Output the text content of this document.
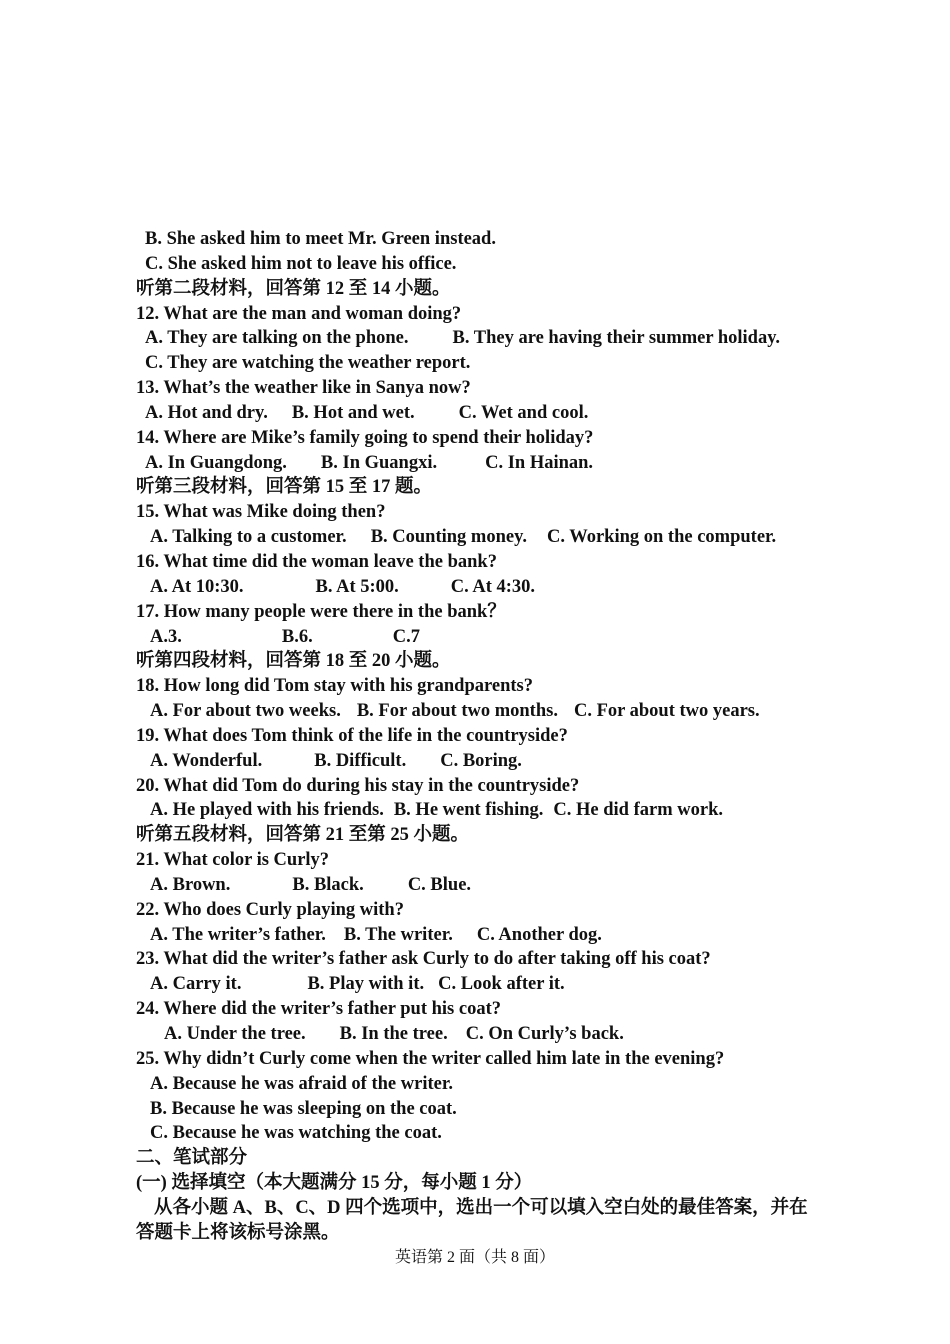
B. She asked him to meet Mr. Green instead.
C. She asked him not to leave his office.
听第二段材料，回答第 12 至 14 小题。
12. What are the man and woman doing?
A. They are talking on the phone. B. They are having their summer holiday.
C. They are watching the weather report.
13. What’s the weather like in Sanya now?
A. Hot and dry. B. Hot and wet. C. Wet and cool.
14. Where are Mike’s family going to spend their holiday?
A. In Guangdong. B. In Guangxi.	C. In Hainan.
听第三段材料，回答第 15 至 17 题。
15. What was Mike doing then?
A. Talking to a customer. B. Counting money. C. Working on the computer.
16. What time did the woman leave the bank?
A. At 10:30.	B. At 5:00.	C. At 4:30.
17. How many people were there in the bank？
A.3.	B.6.	C.7
听第四段材料，回答第 18 至 20 小题。
18. How long did Tom stay with his grandparents?
A. For about two weeks. B. For about two months. C. For about two years.
19. What does Tom think of the life in the countryside?
A. Wonderful.	B. Difficult. C. Boring.
20. What did Tom do during his stay in the countryside?
A. He played with his friends. B. He went fishing. C. He did farm work.
听第五段材料，回答第 21 至第 25 小题。
21. What color is Curly?
A. Brown.	B. Black. C. Blue.
22. Who does Curly playing with?
A. The writer’s father. B. The writer. C. Another dog.
23. What did the writer’s father ask Curly to do after taking off his coat?
A. Carry it.	B. Play with it. C. Look after it.
24. Where did the writer’s father put his coat?
A. Under the tree. B. In the tree. C. On Curly’s back.
25. Why didn’t Curly come when the writer called him late in the evening?
A. Because he was afraid of the writer.
B. Because he was sleeping on the coat.
C. Because he was watching the coat.
二、笔试部分
(一) 选择填空（本大题满分 15 分，每小题 1 分）
从各小题 A、B、C、D 四个选项中，选出一个可以填入空白处的最佳答案，并在答题卡上将该标号涂黑。
英语第 2 面（共 8 面）
